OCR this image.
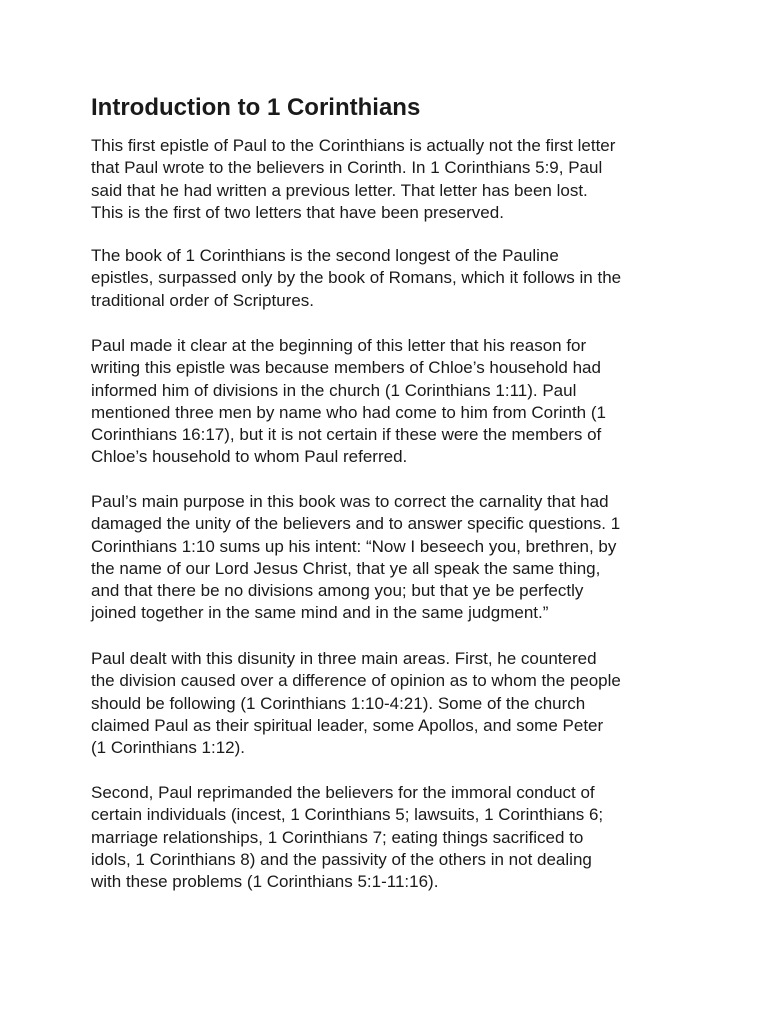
Introduction to 1 Corinthians

This first epistle of Paul to the Corinthians is actually not the first letter
that Paul wrote to the believers in Corinth. In 1 Corinthians 5:9, Paul
said that he had written a previous letter. That letter has been lost.
This is the first of two letters that have been preserved.

The book of 1 Corinthians is the second longest of the Pauline
epistles, surpassed only by the book of Romans, which it follows in the
traditional order of Scriptures.

Paul made it clear at the beginning of this letter that his reason for
writing this epistle was because members of Chloe’s household had
informed him of divisions in the church (1 Corinthians 1:11). Paul
mentioned three men by name who had come to him from Corinth (1
Corinthians 16:17), but it is not certain if these were the members of
Chloe’s household to whom Paul referred.

Paul’s main purpose in this book was to correct the carnality that had
damaged the unity of the believers and to answer specific questions. 1
Corinthians 1:10 sums up his intent: “Now I beseech you, brethren, by
the name of our Lord Jesus Christ, that ye all speak the same thing,
and that there be no divisions among you; but that ye be perfectly
joined together in the same mind and in the same judgment.”

Paul dealt with this disunity in three main areas. First, he countered
the division caused over a difference of opinion as to whom the people
should be following (1 Corinthians 1:10-4:21). Some of the church
claimed Paul as their spiritual leader, some Apollos, and some Peter
(1 Corinthians 1:12).

Second, Paul reprimanded the believers for the immoral conduct of
certain individuals (incest, 1 Corinthians 5; lawsuits, 1 Corinthians 6;
marriage relationships, 1 Corinthians 7; eating things sacrificed to
idols, 1 Corinthians 8) and the passivity of the others in not dealing
with these problems (1 Corinthians 5:1-11:16).
